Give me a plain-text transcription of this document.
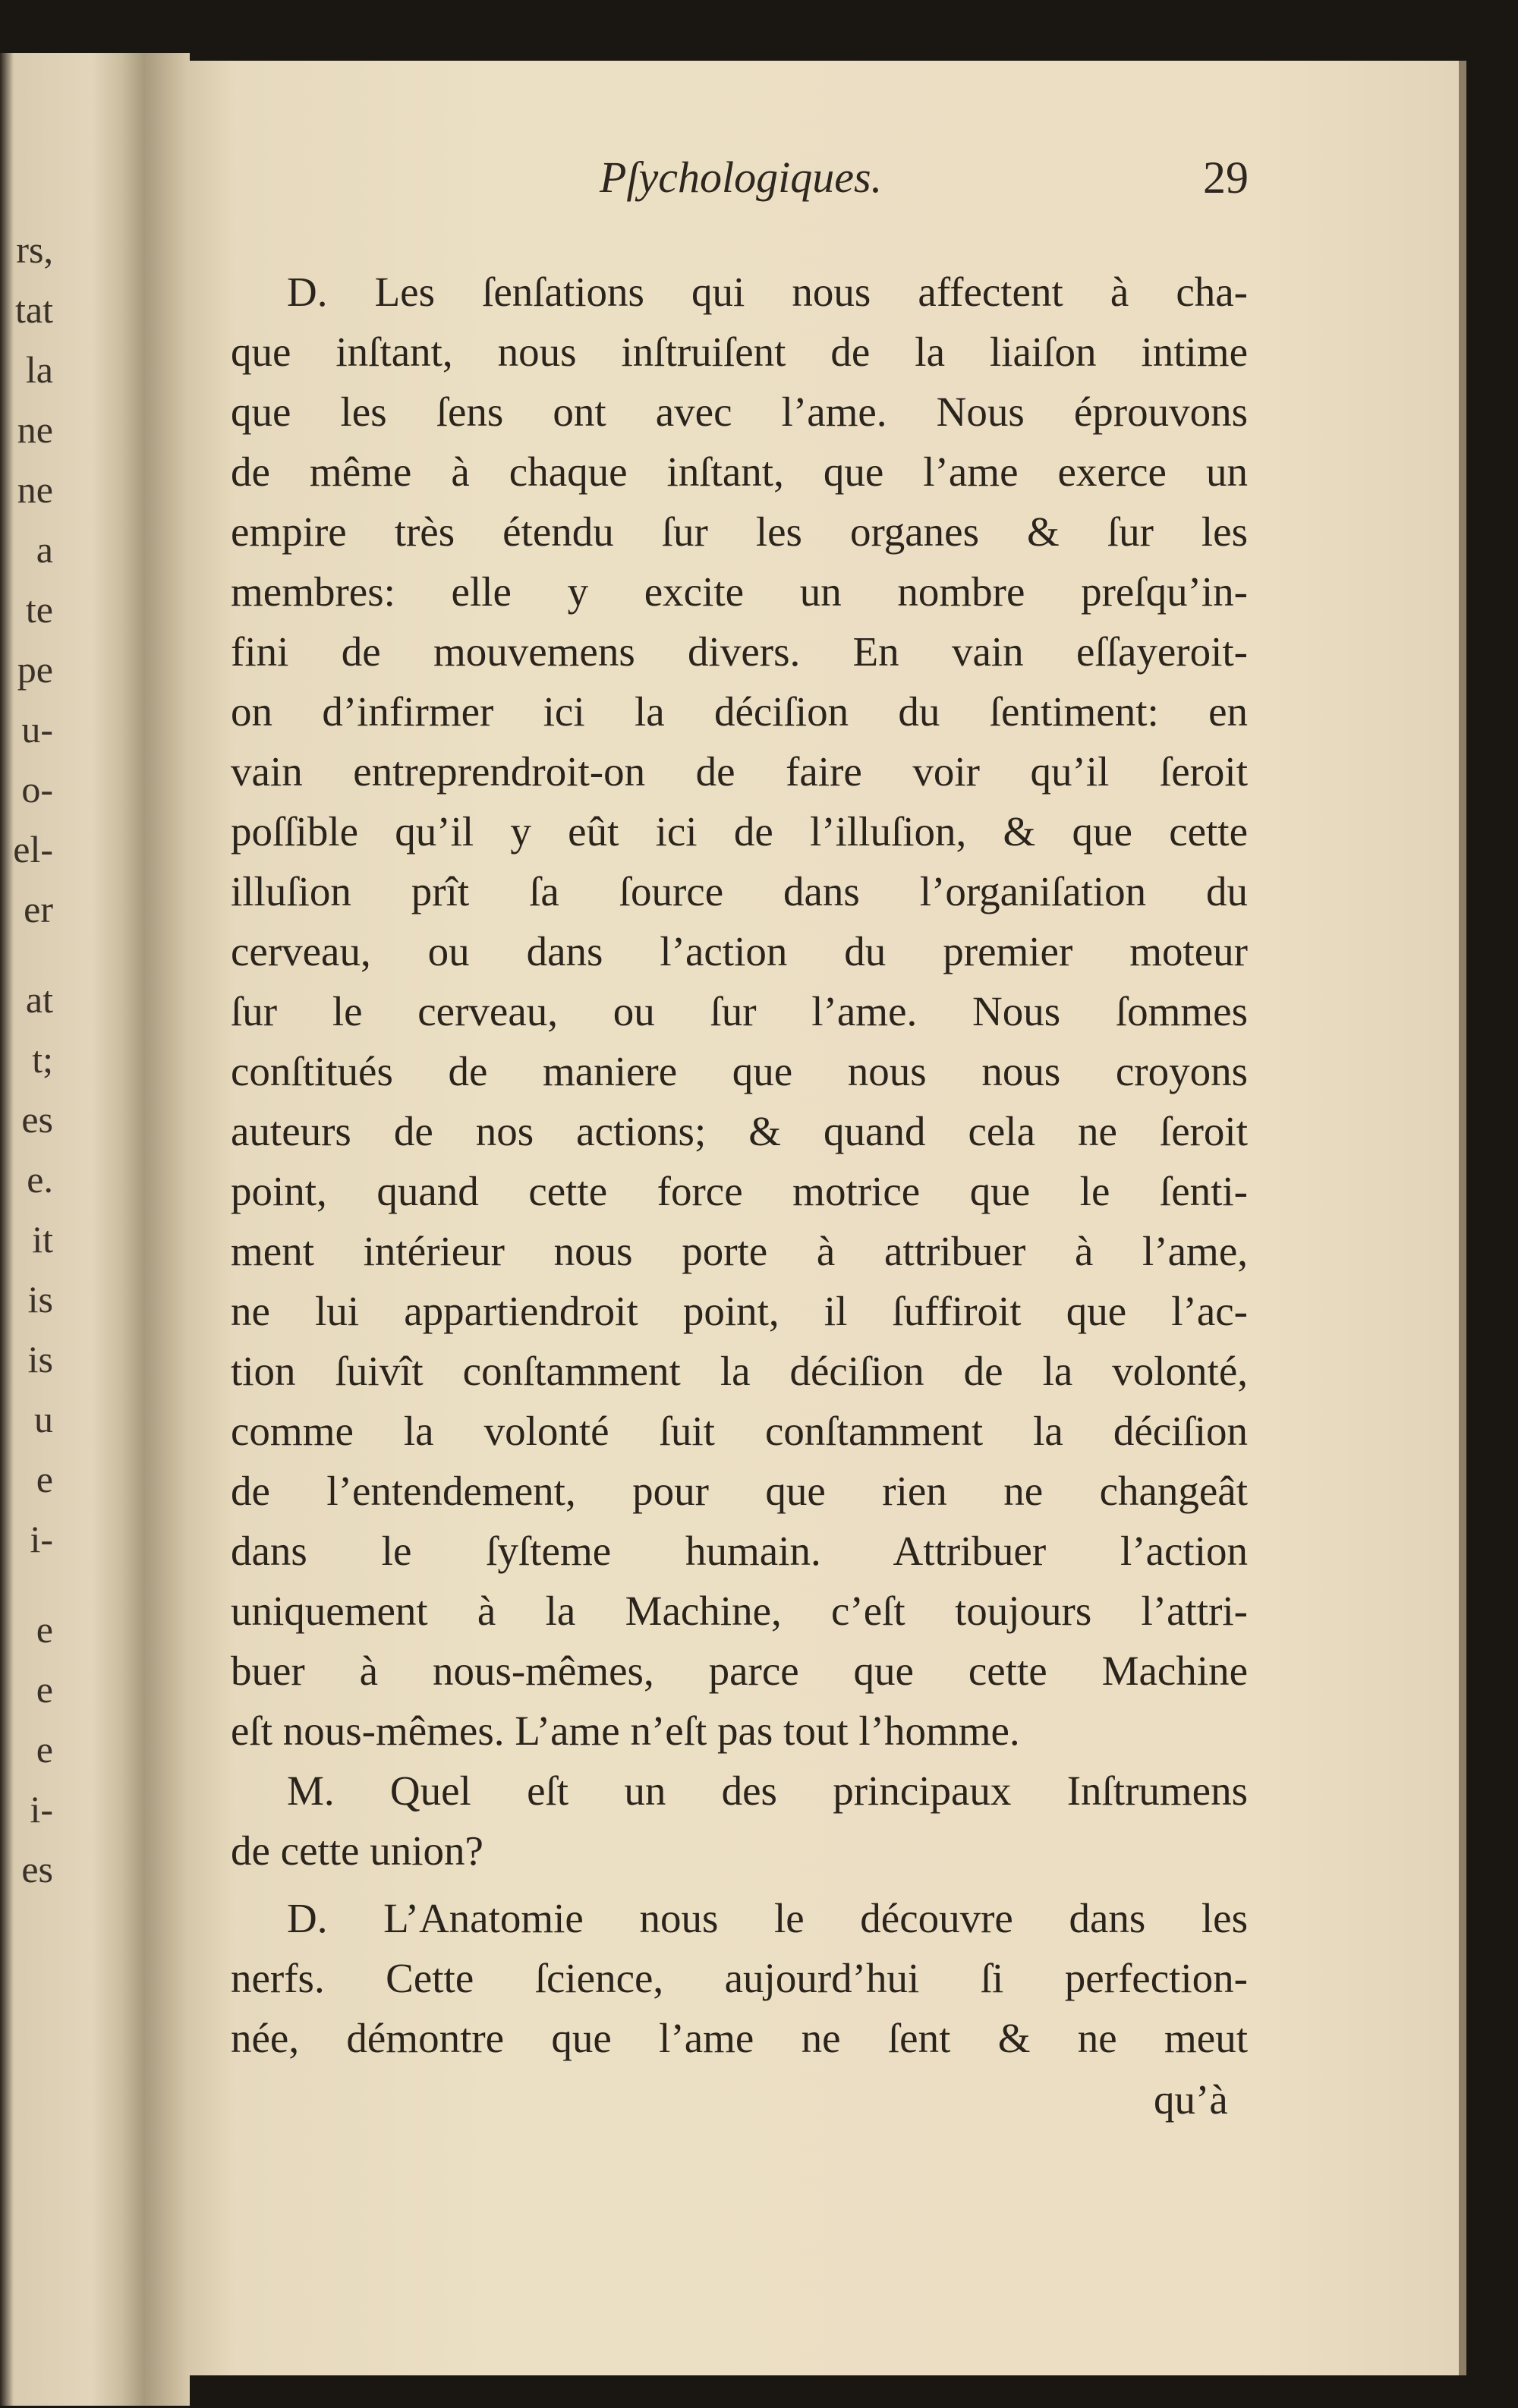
rs,
tat
la
ne
ne
a
te
pe
u-
o-
el-
er
at
t;
es
e.
it
is
is
u
e
i-
e
e
e
i-
es
Pſychologiques.	29
D. Les ſenſations qui nous affectent à cha-
que inſtant, nous inſtruiſent de la liaiſon intime
que les ſens ont avec l’ame. Nous éprouvons
de même à chaque inſtant, que l’ame exerce un
empire très étendu ſur les organes & ſur les
membres: elle y excite un nombre preſqu’in-
fini de mouvemens divers. En vain eſſayeroit-
on d’infirmer ici la déciſion du ſentiment: en
vain entreprendroit-on de faire voir qu’il ſeroit
poſſible qu’il y eût ici de l’illuſion, & que cette
illuſion prît ſa ſource dans l’organiſation du
cerveau, ou dans l’action du premier moteur
ſur le cerveau, ou ſur l’ame. Nous ſommes
conſtitués de maniere que nous nous croyons
auteurs de nos actions; & quand cela ne ſeroit
point, quand cette force motrice que le ſenti-
ment intérieur nous porte à attribuer à l’ame,
ne lui appartiendroit point, il ſuffiroit que l’ac-
tion ſuivît conſtamment la déciſion de la volonté,
comme la volonté ſuit conſtamment la déciſion
de l’entendement, pour que rien ne changeât
dans le ſyſteme humain. Attribuer l’action
uniquement à la Machine, c’eſt toujours l’attri-
buer à nous-mêmes, parce que cette Machine
eſt nous-mêmes. L’ame n’eſt pas tout l’homme.
M. Quel eſt un des principaux Inſtrumens
de cette union?
D. L’Anatomie nous le découvre dans les
nerfs. Cette ſcience, aujourd’hui ſi perfection-
née, démontre que l’ame ne ſent & ne meut
qu’à
